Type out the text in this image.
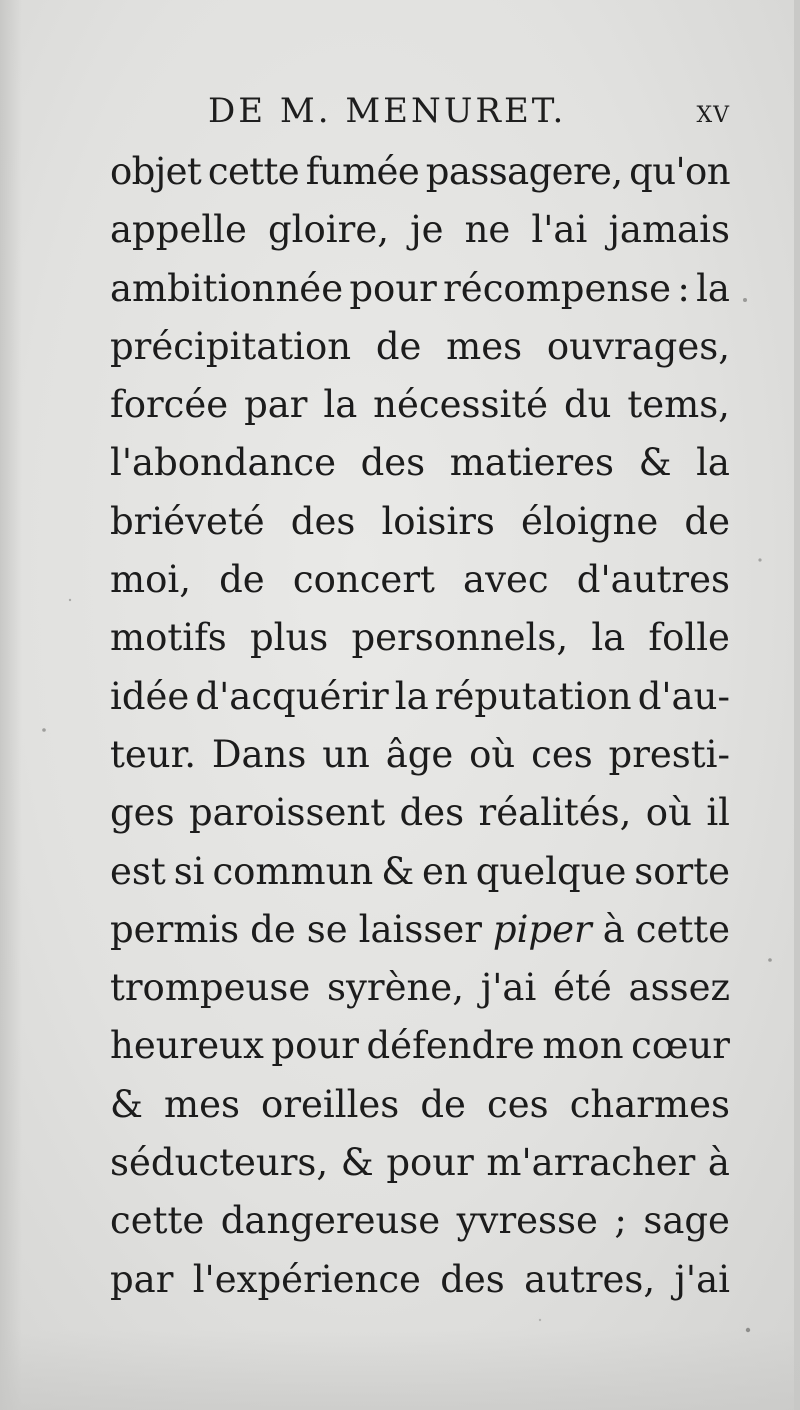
DE M. MENURET.	xv
objet cette fumée passagere, qu'on
appelle gloire, je ne l'ai jamais
ambitionnée pour récompense : la
précipitation de mes ouvrages,
forcée par la nécessité du tems,
l'abondance des matieres & la
briéveté des loisirs éloigne de
moi, de concert avec d'autres
motifs plus personnels, la folle
idée d'acquérir la réputation d'au-
teur. Dans un âge où ces presti-
ges paroissent des réalités, où il
est si commun & en quelque sorte
permis de se laisser piper à cette
trompeuse syrène, j'ai été assez
heureux pour défendre mon cœur
& mes oreilles de ces charmes
séducteurs, & pour m'arracher à
cette dangereuse yvresse ; sage
par l'expérience des autres, j'ai
